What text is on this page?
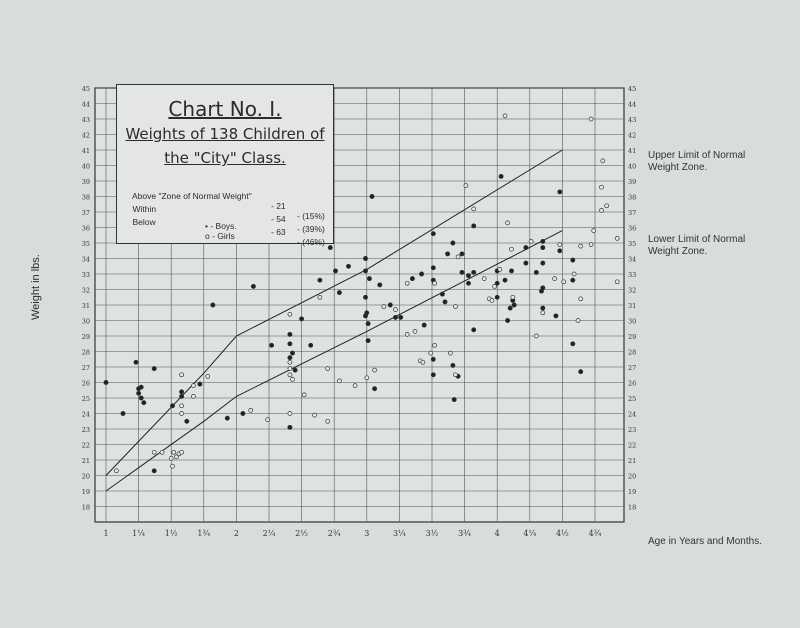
1	1¼ 1½ 1¾	2	2¼ 2½ 2¾	3	3¼ 3½ 3¾	4	4¼ 4½ 4¾
18	18
19	19
20	20
21	21
22	22
23	23
24	24
25	25
26	26
27	27
28	28
29	29
30	30
31	31
32	32
33	33
34	34
35	35
36	36
37	37
38	38
39	39
40	40
41	41
42	42
43	43
44	44
45	45
Chart No. I.
Weights of 138 Children of
the "City" Class.

Above "Zone of Normal Weight"

- 21

- (15%)

Within

- 54

- (39%)

Below

- 63

- (46%)

• - Boys.
o - Girls
Weight in lbs.
Upper Limit of Normal Weight Zone.
Lower Limit of Normal Weight Zone.
Age in Years and Months.
